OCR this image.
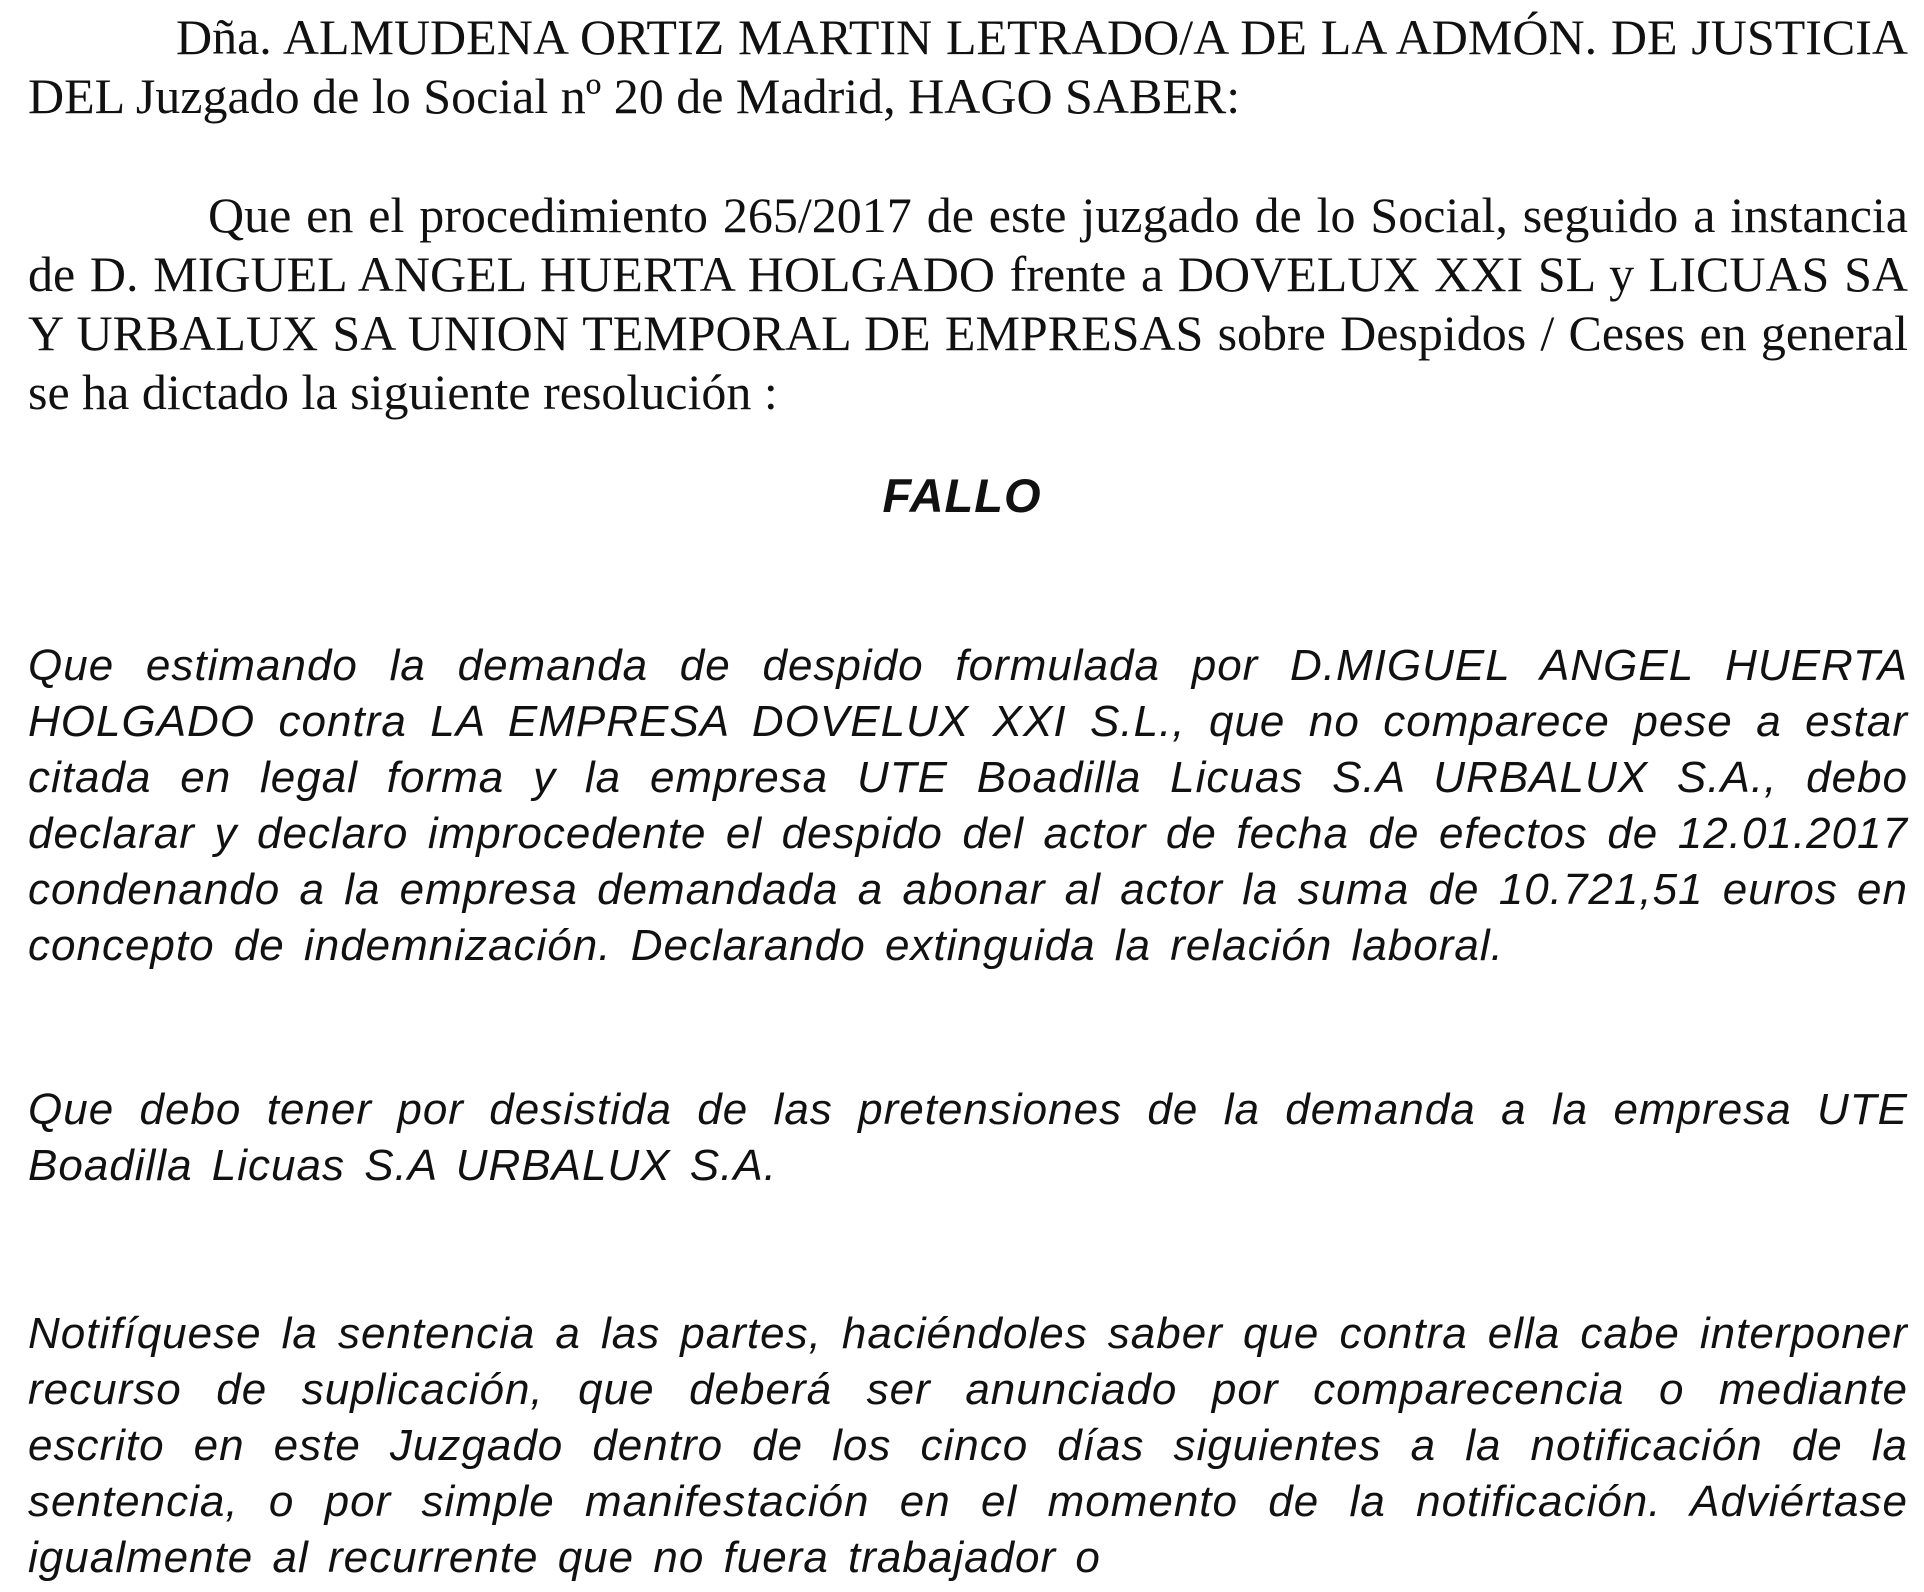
Dña. ALMUDENA ORTIZ MARTIN LETRADO/A DE LA ADMÓN. DE JUSTICIA DEL Juzgado de lo Social nº 20 de Madrid, HAGO SABER:

Que en el procedimiento 265/2017 de este juzgado de lo Social, seguido a instancia de D. MIGUEL ANGEL HUERTA HOLGADO frente a DOVELUX XXI SL y LICUAS SA Y URBALUX SA UNION TEMPORAL DE EMPRESAS sobre Despidos / Ceses en general se ha dictado la siguiente resolución :

FALLO

Que estimando la demanda de despido formulada por D.MIGUEL ANGEL HUERTA HOLGADO contra LA EMPRESA DOVELUX XXI S.L., que no comparece pese a estar citada en legal forma y la empresa UTE Boadilla Licuas S.A URBALUX S.A., debo declarar y declaro improcedente el despido del actor de fecha de efectos de 12.01.2017 condenando a la empresa demandada a abonar al actor la suma de 10.721,51 euros en concepto de indemnización. Declarando extinguida la relación laboral.

Que debo tener por desistida de las pretensiones de la demanda a la empresa UTE Boadilla Licuas S.A URBALUX S.A.

Notifíquese la sentencia a las partes, haciéndoles saber que contra ella cabe interponer recurso de suplicación, que deberá ser anunciado por comparecencia o mediante escrito en este Juzgado dentro de los cinco días siguientes a la notificación de la sentencia, o por simple manifestación en el momento de la notificación. Adviértase igualmente al recurrente que no fuera trabajador o
